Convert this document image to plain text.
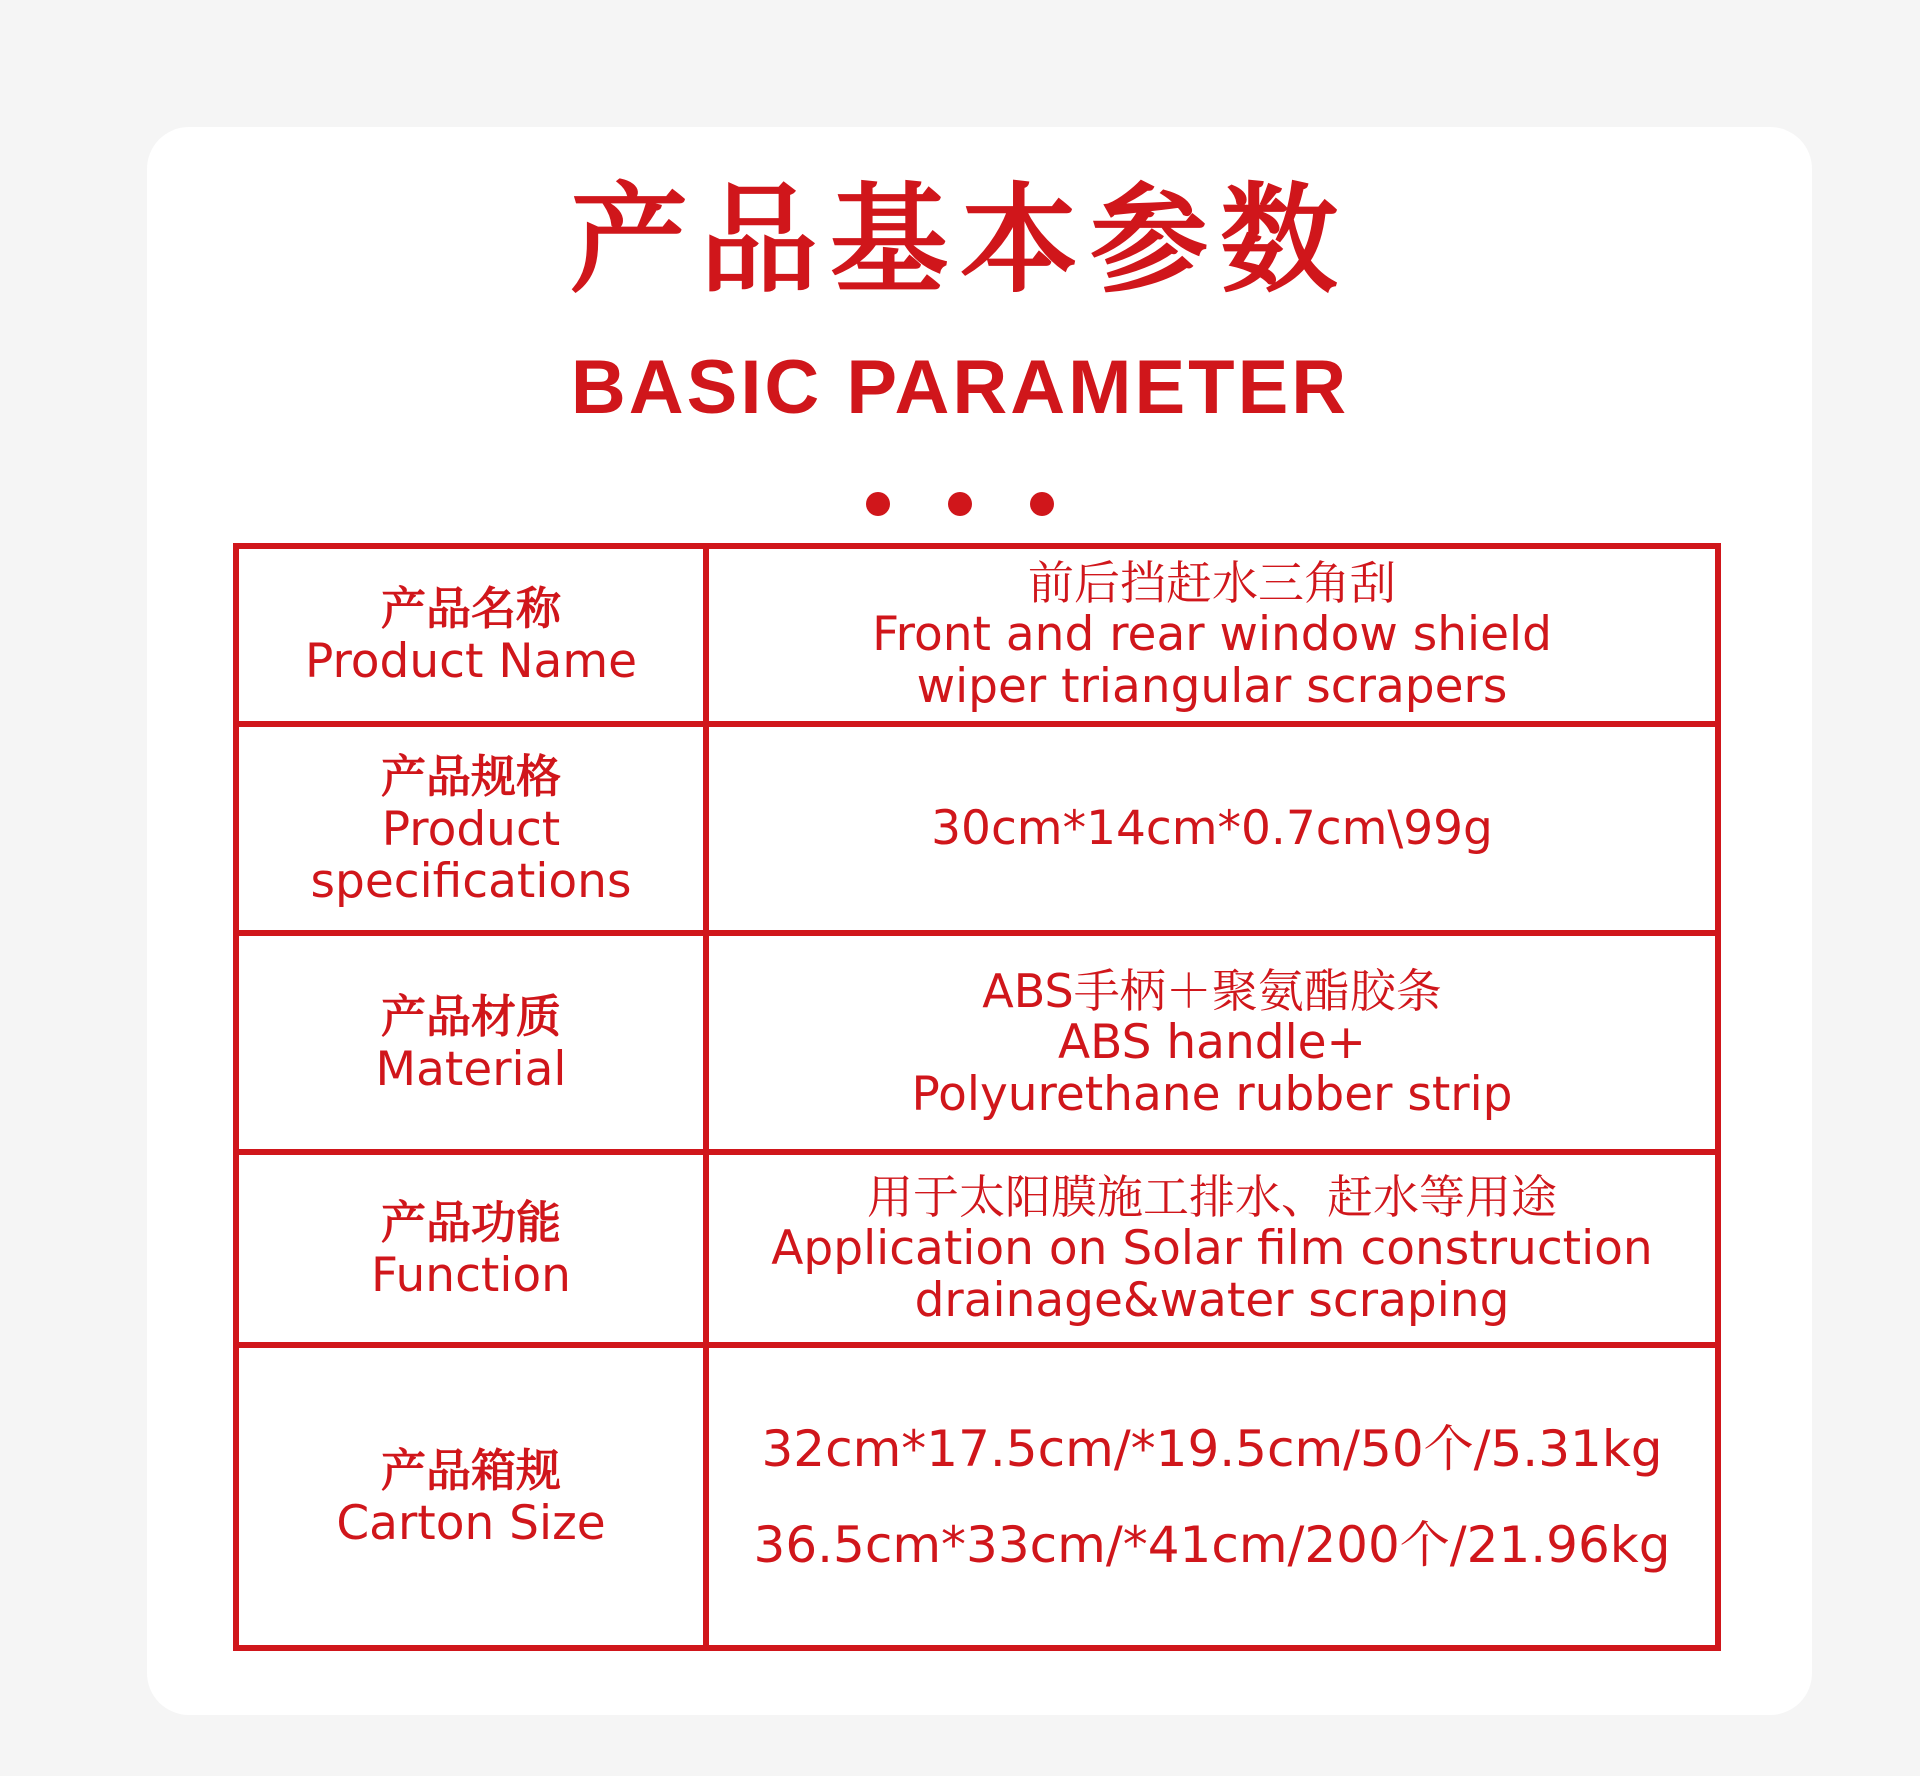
产品基本参数
BASIC PARAMETER
产品名称
Product Name	前后挡赶水三角刮
Front and rear window shield
wiper triangular scrapers

产品规格
Product
specifications	30cm*14cm*0.7cm\99g

产品材质
Material	ABS手柄＋聚氨酯胶条
ABS handle+
Polyurethane rubber strip

产品功能
Function	用于太阳膜施工排水、赶水等用途
Application on Solar film construction
drainage&water scraping

产品箱规
Carton Size	32cm*17.5cm/*19.5cm/50个/5.31kg
36.5cm*33cm/*41cm/200个/21.96kg
